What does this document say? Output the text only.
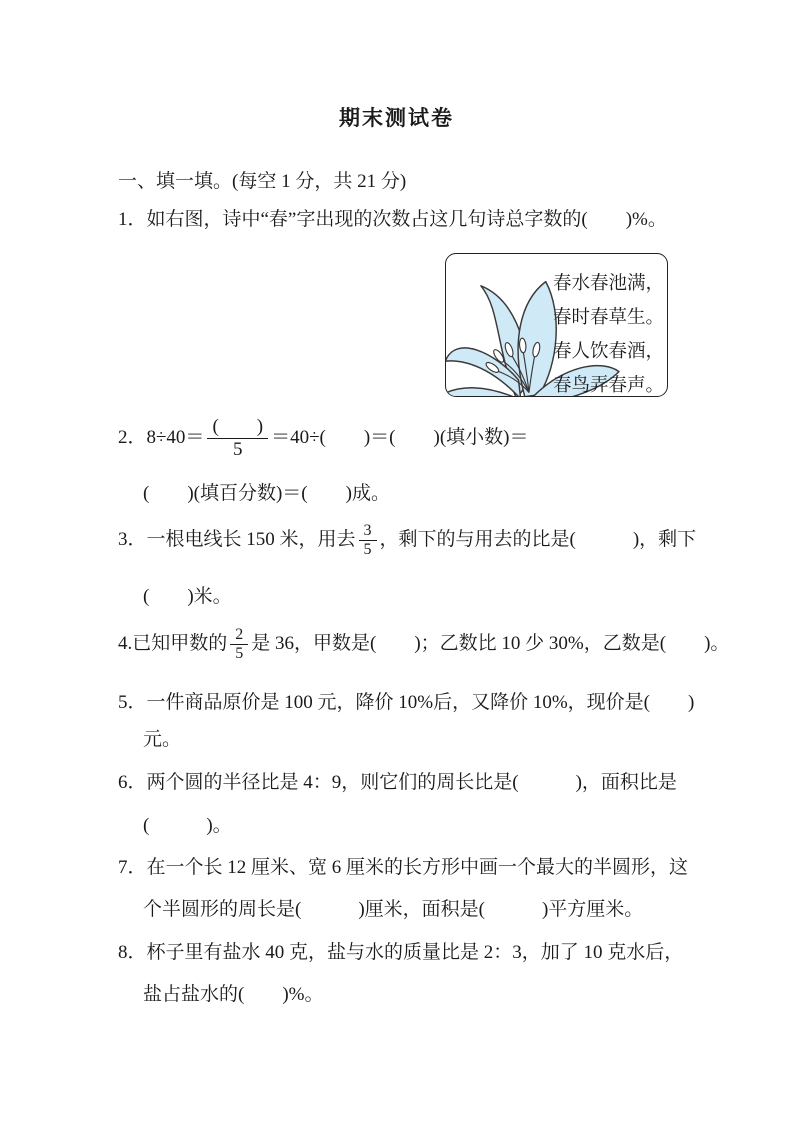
期末测试卷
一、填一填。(每空 1 分，共 21 分)
1．如右图，诗中“春”字出现的次数占这几句诗总字数的(　　)%。
春水春池满，
春时春草生。
春人饮春酒，
春鸟弄春声。
2．$8\div 40= \frac{( )}{5} =40\div$(　　)＝(　　)(填小数)＝
(　　)(填百分数)＝(　　)成。
3．一根电线长 150 米，用去 $\frac{3}{5}$ ，剩下的与用去的比是(　　　)，剩下
(　　)米。
4.已知甲数的 $\frac{2}{5}$ 是 36，甲数是(　　)；乙数比 10 少 30%，乙数是(　　)。
5．一件商品原价是 100 元，降价 10%后，又降价 10%，现价是(　　)
元。
6．两个圆的半径比是 4：9，则它们的周长比是(　　　)，面积比是
(　　　)。
7．在一个长 12 厘米、宽 6 厘米的长方形中画一个最大的半圆形，这
个半圆形的周长是(　　　)厘米，面积是(　　　)平方厘米。
8．杯子里有盐水 40 克，盐与水的质量比是 2：3，加了 10 克水后，
盐占盐水的(　　)%。
